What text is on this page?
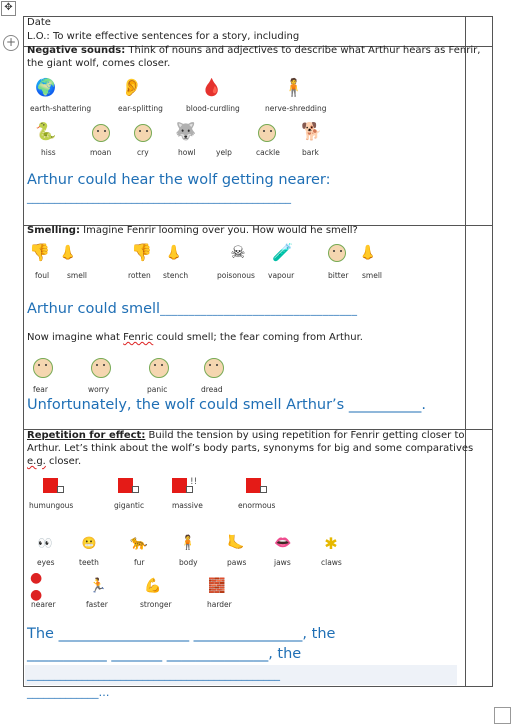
✥
+
Date
L.O.: To write effective sentences for a story, including
Negative sounds: Think of nouns and adjectives to describe what Arthur hears as Fenrir,
the giant wolf, comes closer.
🌍	👂	🩸	🧍
earth-shattering	ear-splitting	blood-curdling	nerve-shredding
🐍	🐺	🐕
hiss	moan	cry	howl	yelp	cackle	bark
Arthur could hear the wolf getting nearer:
________________________________________________
Smelling: Imagine Fenrir looming over you. How would he smell?
👎 👃	👎 👃	☠ 🧪	👃
foul smell	rotten stench	poisonous vapour	bitter smell
Arthur could smell__________________________________
Now imagine what Fenric could smell; the fear coming from Arthur.
fear	worry	panic	dread
Unfortunately, the wolf could smell Arthur’s __________.
Repetition for effect: Build the tension by using repetition for Fenrir getting closer to
Arthur. Let’s think about the wolf’s body parts, synonyms for big and some comparatives
e.g. closer.
!!
humungous	gigantic	massive	enormous
👀 😬 🐆 🧍 🦶 👄	✱
eyes	teeth	fur	body	paws	jaws	claws
● ●
🏃	💪	🧱
nearer	faster	stronger	harder
The __________________ _______________, the
___________ _______ ______________, the
______________________________________________
_____________…
